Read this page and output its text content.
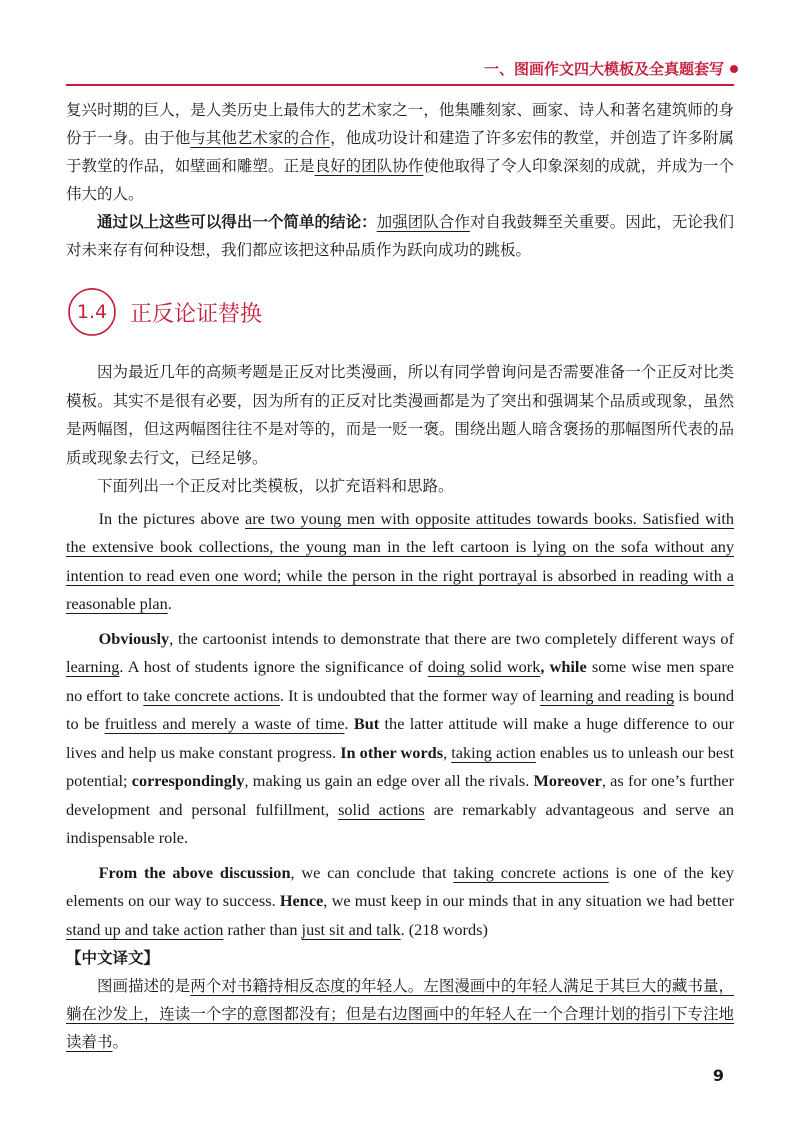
一、图画作文四大模板及全真题套写

复兴时期的巨人，是人类历史上最伟大的艺术家之一，他集雕刻家、画家、诗人和著名建筑师的身份于一身。由于他与其他艺术家的合作，他成功设计和建造了许多宏伟的教堂，并创造了许多附属于教堂的作品，如壁画和雕塑。正是良好的团队协作使他取得了令人印象深刻的成就，并成为一个伟大的人。

通过以上这些可以得出一个简单的结论：加强团队合作对自我鼓舞至关重要。因此，无论我们对未来存有何种设想，我们都应该把这种品质作为跃向成功的跳板。

1.4	正反论证替换

因为最近几年的高频考题是正反对比类漫画，所以有同学曾询问是否需要准备一个正反对比类模板。其实不是很有必要，因为所有的正反对比类漫画都是为了突出和强调某个品质或现象，虽然是两幅图，但这两幅图往往不是对等的，而是一贬一褒。围绕出题人暗含褒扬的那幅图所代表的品质或现象去行文，已经足够。

下面列出一个正反对比类模板，以扩充语料和思路。

In the pictures above are two young men with opposite attitudes towards books. Satisfied with the extensive book collections, the young man in the left cartoon is lying on the sofa without any intention to read even one word; while the person in the right portrayal is absorbed in reading with a reasonable plan.

Obviously, the cartoonist intends to demonstrate that there are two completely different ways of learning. A host of students ignore the significance of doing solid work, while some wise men spare no effort to take concrete actions. It is undoubted that the former way of learning and reading is bound to be fruitless and merely a waste of time. But the latter attitude will make a huge difference to our lives and help us make constant progress. In other words, taking action enables us to unleash our best potential; correspondingly, making us gain an edge over all the rivals. Moreover, as for one’s further development and personal fulfillment, solid actions are remarkably advantageous and serve an indispensable role.

From the above discussion, we can conclude that taking concrete actions is one of the key elements on our way to success. Hence, we must keep in our minds that in any situation we had better stand up and take action rather than just sit and talk. (218 words)

【中文译文】

图画描述的是两个对书籍持相反态度的年轻人。左图漫画中的年轻人满足于其巨大的藏书量，躺在沙发上，连读一个字的意图都没有；但是右边图画中的年轻人在一个合理计划的指引下专注地读着书。

9
